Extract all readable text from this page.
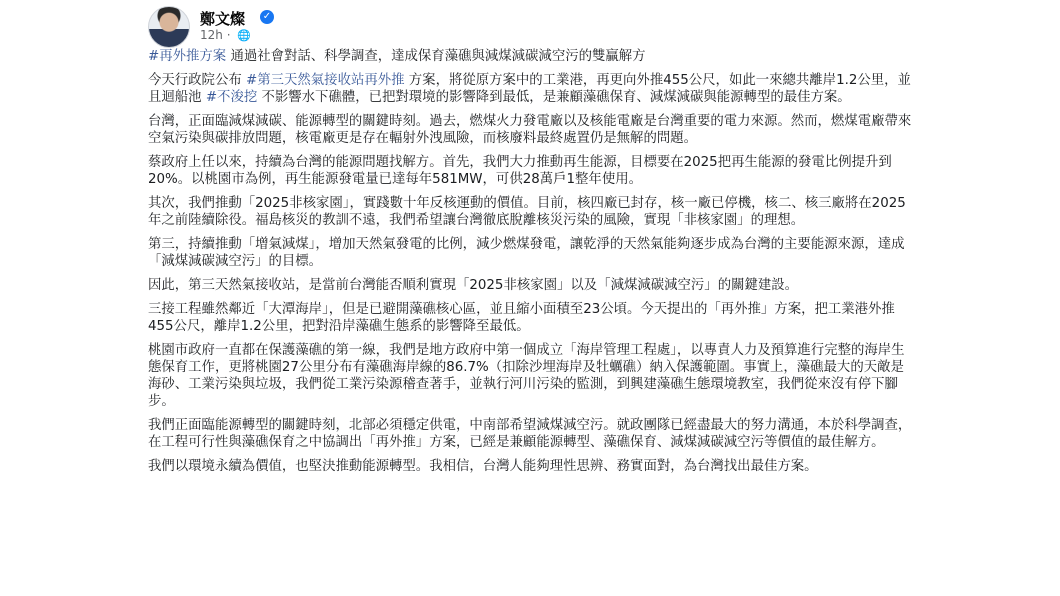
鄭文燦 ✓
12h · 🌐

#再外推方案 通過社會對話、科學調查，達成保育藻礁與減煤減碳減空污的雙贏解方

今天行政院公布 #第三天然氣接收站再外推 方案，將從原方案中的工業港，再更向外推455公尺，如此一來總共離岸1.2公里，並且迴船池 #不浚挖 不影響水下礁體，已把對環境的影響降到最低，是兼顧藻礁保育、減煤減碳與能源轉型的最佳方案。

台灣，正面臨減煤減碳、能源轉型的關鍵時刻。過去，燃煤火力發電廠以及核能電廠是台灣重要的電力來源。然而，燃煤電廠帶來空氣污染與碳排放問題，核電廠更是存在輻射外洩風險，而核廢料最終處置仍是無解的問題。

蔡政府上任以來，持續為台灣的能源問題找解方。首先，我們大力推動再生能源，目標要在2025把再生能源的發電比例提升到20%。以桃園市為例，再生能源發電量已達每年581MW，可供28萬戶1整年使用。

其次，我們推動「2025非核家園」，實踐數十年反核運動的價值。目前，核四廠已封存，核一廠已停機，核二、核三廠將在2025年之前陸續除役。福島核災的教訓不遠，我們希望讓台灣徹底脫離核災污染的風險，實現「非核家園」的理想。

第三，持續推動「增氣減煤」，增加天然氣發電的比例，減少燃煤發電，讓乾淨的天然氣能夠逐步成為台灣的主要能源來源，達成「減煤減碳減空污」的目標。

因此，第三天然氣接收站，是當前台灣能否順利實現「2025非核家園」以及「減煤減碳減空污」的關鍵建設。

三接工程雖然鄰近「大潭海岸」，但是已避開藻礁核心區，並且縮小面積至23公頃。今天提出的「再外推」方案，把工業港外推455公尺，離岸1.2公里，把對沿岸藻礁生態系的影響降至最低。

桃園市政府一直都在保護藻礁的第一線，我們是地方政府中第一個成立「海岸管理工程處」，以專責人力及預算進行完整的海岸生態保育工作，更將桃園27公里分布有藻礁海岸線的86.7%（扣除沙埋海岸及牡蠣礁）納入保護範圍。事實上，藻礁最大的天敵是海砂、工業污染與垃圾，我們從工業污染源稽查著手，並執行河川污染的監測，到興建藻礁生態環境教室，我們從來沒有停下腳步。

我們正面臨能源轉型的關鍵時刻，北部必須穩定供電，中南部希望減煤減空污。就政團隊已經盡最大的努力溝通，本於科學調查，在工程可行性與藻礁保育之中協調出「再外推」方案，已經是兼顧能源轉型、藻礁保育、減煤減碳減空污等價值的最佳解方。

我們以環境永續為價值，也堅決推動能源轉型。我相信，台灣人能夠理性思辨、務實面對，為台灣找出最佳方案。
